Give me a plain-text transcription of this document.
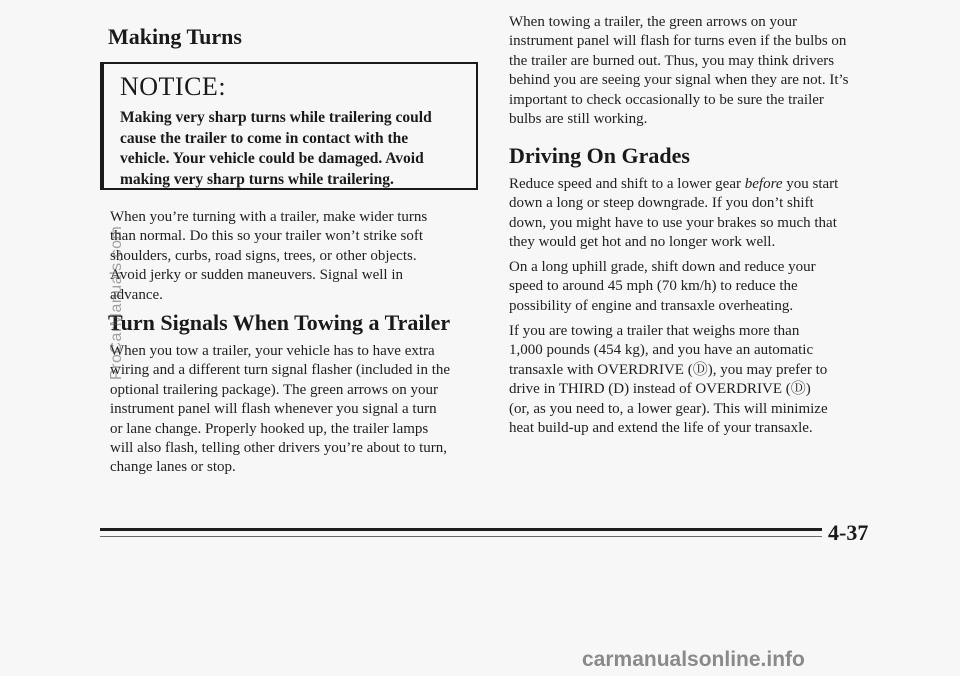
Making Turns
NOTICE:

Making very sharp turns while trailering could
cause the trailer to come in contact with the
vehicle. Your vehicle could be damaged. Avoid
making very sharp turns while trailering.

When you’re turning with a trailer, make wider turns
than normal. Do this so your trailer won’t strike soft
shoulders, curbs, road signs, trees, or other objects.
Avoid jerky or sudden maneuvers. Signal well in
advance.

Turn Signals When Towing a Trailer

When you tow a trailer, your vehicle has to have extra
wiring and a different turn signal flasher (included in the
optional trailering package). The green arrows on your
instrument panel will flash whenever you signal a turn
or lane change. Properly hooked up, the trailer lamps
will also flash, telling other drivers you’re about to turn,
change lanes or stop.

When towing a trailer, the green arrows on your
instrument panel will flash for turns even if the bulbs on
the trailer are burned out. Thus, you may think drivers
behind you are seeing your signal when they are not. It’s
important to check occasionally to be sure the trailer
bulbs are still working.

Driving On Grades

Reduce speed and shift to a lower gear before you start
down a long or steep downgrade. If you don’t shift
down, you might have to use your brakes so much that
they would get hot and no longer work well.

On a long uphill grade, shift down and reduce your
speed to around 45 mph (70 km/h) to reduce the
possibility of engine and transaxle overheating.

If you are towing a trailer that weighs more than
1,000 pounds (454 kg), and you have an automatic
transaxle with OVERDRIVE (Ⓓ), you may prefer to
drive in THIRD (D) instead of OVERDRIVE (Ⓓ)
(or, as you need to, a lower gear). This will minimize
heat build-up and extend the life of your transaxle.

4-37
ProCarManuals.com
carmanualsonline.info
